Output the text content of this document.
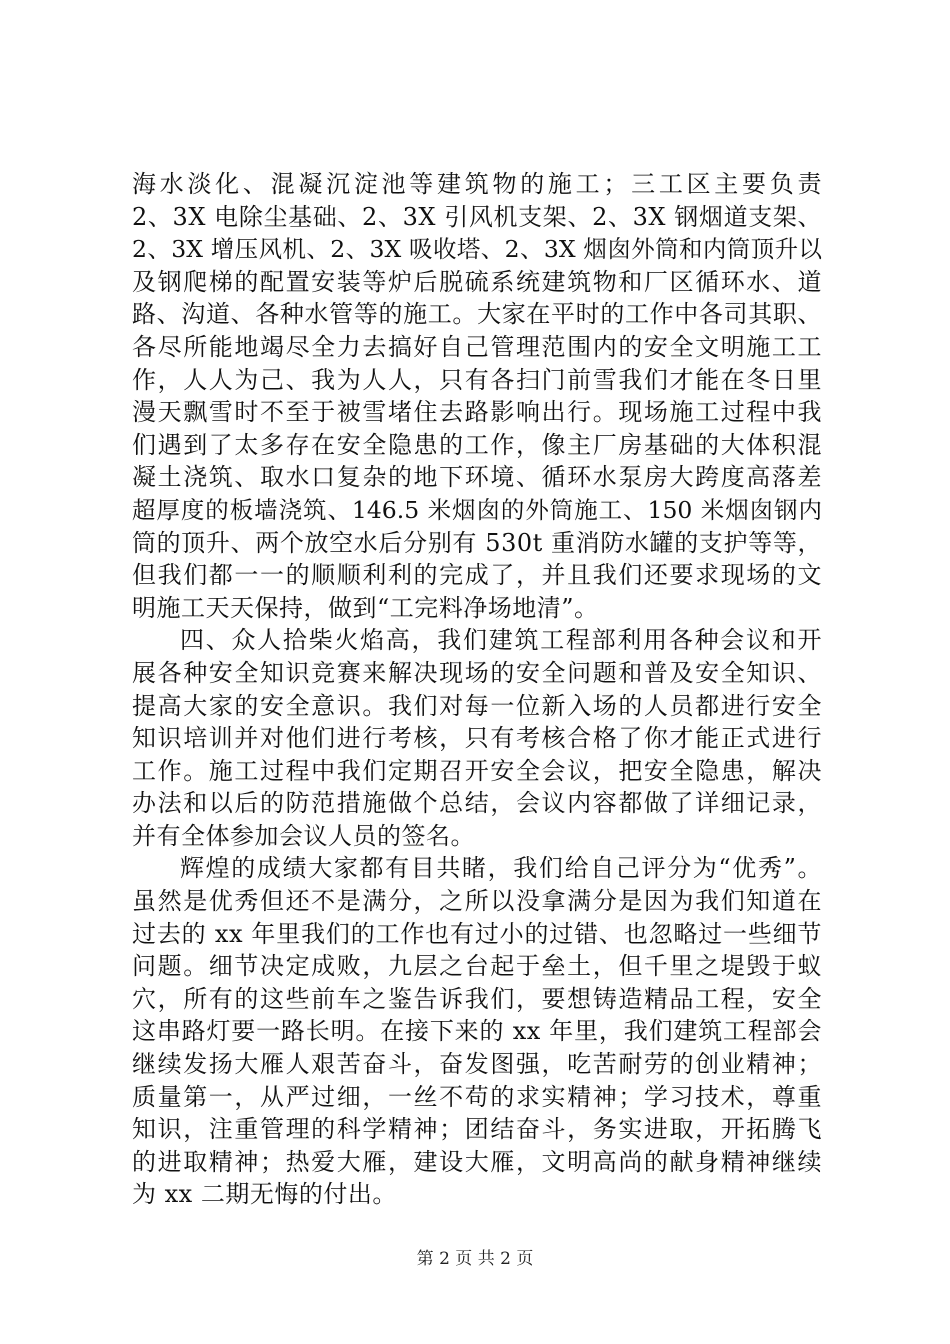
海水淡化、混凝沉淀池等建筑物的施工；三工区主要负责
2、3X 电除尘基础、2、3X 引风机支架、2、3X 钢烟道支架、
2、3X 增压风机、2、3X 吸收塔、2、3X 烟囱外筒和内筒顶升以
及钢爬梯的配置安装等炉后脱硫系统建筑物和厂区循环水、道
路、沟道、各种水管等的施工。大家在平时的工作中各司其职、
各尽所能地竭尽全力去搞好自己管理范围内的安全文明施工工
作，人人为己、我为人人，只有各扫门前雪我们才能在冬日里
漫天飘雪时不至于被雪堵住去路影响出行。现场施工过程中我
们遇到了太多存在安全隐患的工作，像主厂房基础的大体积混
凝土浇筑、取水口复杂的地下环境、循环水泵房大跨度高落差
超厚度的板墙浇筑、146.5 米烟囱的外筒施工、150 米烟囱钢内
筒的顶升、两个放空水后分别有 530t 重消防水罐的支护等等，
但我们都一一的顺顺利利的完成了，并且我们还要求现场的文
明施工天天保持，做到“工完料净场地清”。
四、众人拾柴火焰高，我们建筑工程部利用各种会议和开
展各种安全知识竞赛来解决现场的安全问题和普及安全知识、
提高大家的安全意识。我们对每一位新入场的人员都进行安全
知识培训并对他们进行考核，只有考核合格了你才能正式进行
工作。施工过程中我们定期召开安全会议，把安全隐患，解决
办法和以后的防范措施做个总结，会议内容都做了详细记录，
并有全体参加会议人员的签名。
辉煌的成绩大家都有目共睹，我们给自己评分为“优秀”。
虽然是优秀但还不是满分，之所以没拿满分是因为我们知道在
过去的 xx 年里我们的工作也有过小的过错、也忽略过一些细节
问题。细节决定成败，九层之台起于垒土，但千里之堤毁于蚁
穴，所有的这些前车之鉴告诉我们，要想铸造精品工程，安全
这串路灯要一路长明。在接下来的 xx 年里，我们建筑工程部会
继续发扬大雁人艰苦奋斗，奋发图强，吃苦耐劳的创业精神；
质量第一，从严过细，一丝不苟的求实精神；学习技术，尊重
知识，注重管理的科学精神；团结奋斗，务实进取，开拓腾飞
的进取精神；热爱大雁，建设大雁，文明高尚的献身精神继续
为 xx 二期无悔的付出。
第 2 页 共 2 页
